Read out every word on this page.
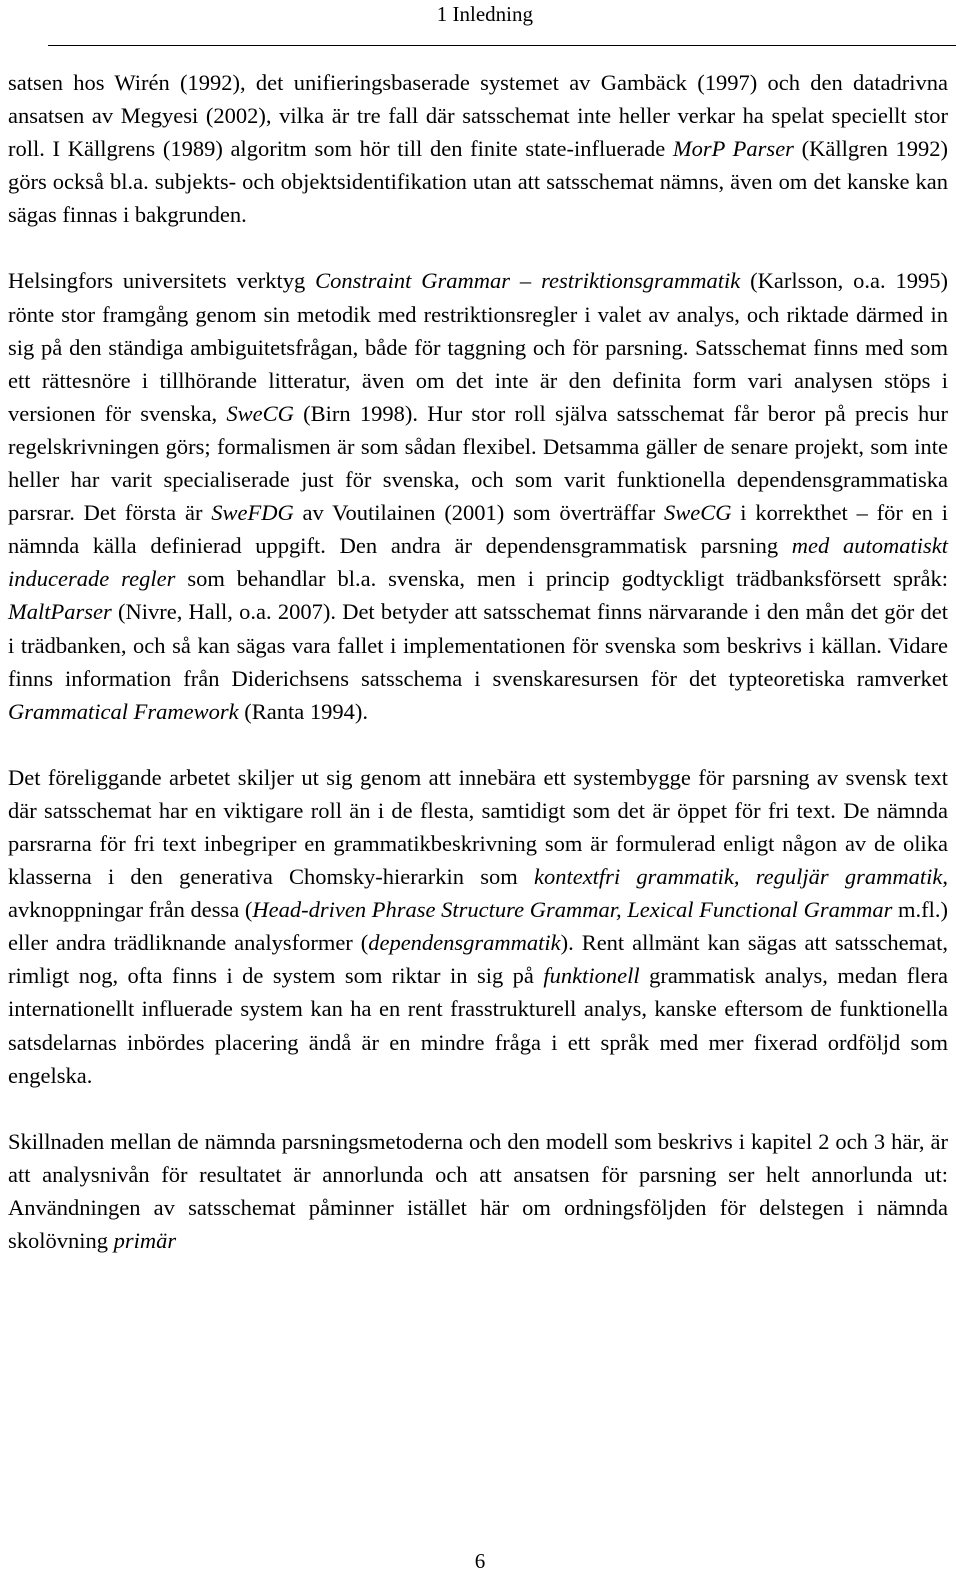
1 Inledning

satsen hos Wirén (1992), det unifieringsbaserade systemet av Gambäck (1997) och den datadrivna ansatsen av Megyesi (2002), vilka är tre fall där satsschemat inte heller verkar ha spelat speciellt stor roll. I Källgrens (1989) algoritm som hör till den finite state-influerade MorP Parser (Källgren 1992) görs också bl.a. subjekts- och objektsidentifikation utan att satsschemat nämns, även om det kanske kan sägas finnas i bakgrunden.

Helsingfors universitets verktyg Constraint Grammar – restriktionsgrammatik (Karlsson, o.a. 1995) rönte stor framgång genom sin metodik med restriktionsregler i valet av analys, och riktade därmed in sig på den ständiga ambiguitetsfrågan, både för taggning och för parsning. Satsschemat finns med som ett rättesnöre i tillhörande litteratur, även om det inte är den definita form vari analysen stöps i versionen för svenska, SweCG (Birn 1998). Hur stor roll själva satsschemat får beror på precis hur regelskrivningen görs; formalismen är som sådan flexibel. Detsamma gäller de senare projekt, som inte heller har varit specialiserade just för svenska, och som varit funktionella dependensgrammatiska parsrar. Det första är SweFDG av Voutilainen (2001) som överträffar SweCG i korrekthet – för en i nämnda källa definierad uppgift. Den andra är dependensgrammatisk parsning med automatiskt inducerade regler som behandlar bl.a. svenska, men i princip godtyckligt trädbanksförsett språk: MaltParser (Nivre, Hall, o.a. 2007). Det betyder att satsschemat finns närvarande i den mån det gör det i trädbanken, och så kan sägas vara fallet i implementationen för svenska som beskrivs i källan. Vidare finns information från Diderichsens satsschema i svenskaresursen för det typteoretiska ramverket Grammatical Framework (Ranta 1994).

Det föreliggande arbetet skiljer ut sig genom att innebära ett systembygge för parsning av svensk text där satsschemat har en viktigare roll än i de flesta, samtidigt som det är öppet för fri text. De nämnda parsrarna för fri text inbegriper en grammatikbeskrivning som är formulerad enligt någon av de olika klasserna i den generativa Chomsky-hierarkin som kontextfri grammatik, reguljär grammatik, avknoppningar från dessa (Head-driven Phrase Structure Grammar, Lexical Functional Grammar m.fl.) eller andra trädliknande analysformer (dependensgrammatik). Rent allmänt kan sägas att satsschemat, rimligt nog, ofta finns i de system som riktar in sig på funktionell grammatisk analys, medan flera internationellt influerade system kan ha en rent frasstrukturell analys, kanske eftersom de funktionella satsdelarnas inbördes placering ändå är en mindre fråga i ett språk med mer fixerad ordföljd som engelska.

Skillnaden mellan de nämnda parsningsmetoderna och den modell som beskrivs i kapitel 2 och 3 här, är att analysnivån för resultatet är annorlunda och att ansatsen för parsning ser helt annorlunda ut: Användningen av satsschemat påminner istället här om ordningsföljden för delstegen i nämnda skolövning primär

6
